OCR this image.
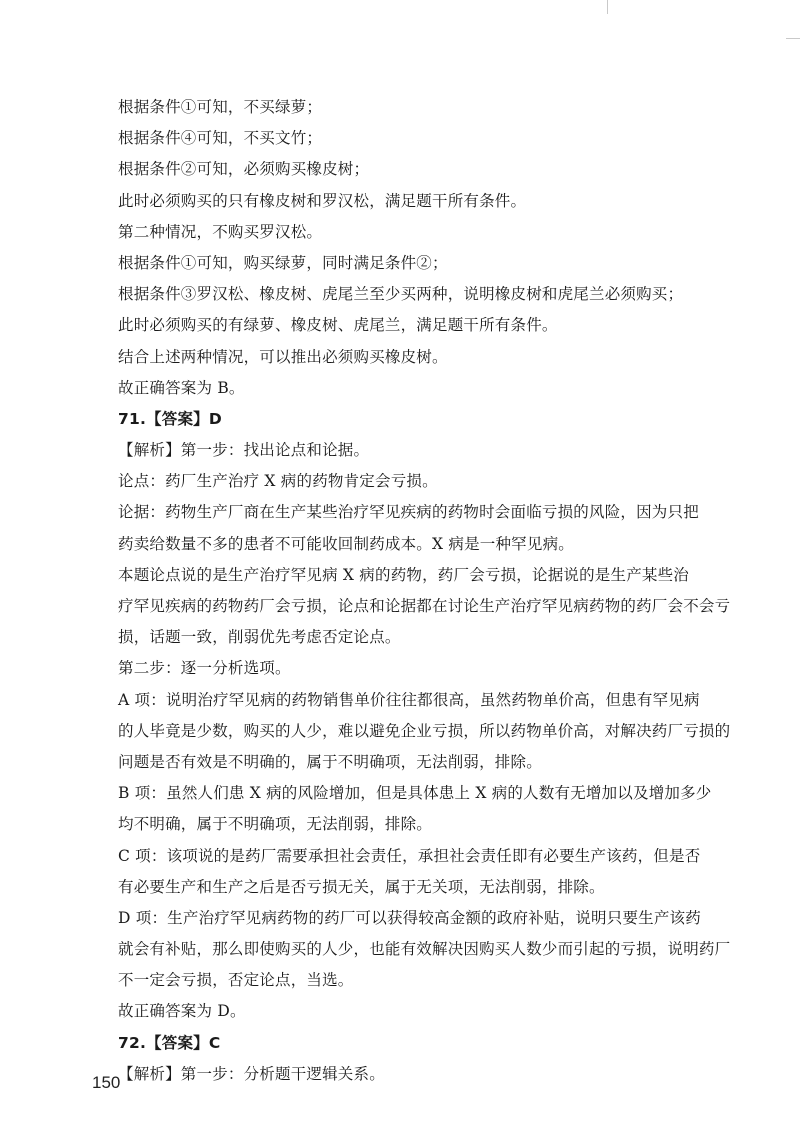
根据条件①可知，不买绿萝；
根据条件④可知，不买文竹；
根据条件②可知，必须购买橡皮树；
此时必须购买的只有橡皮树和罗汉松，满足题干所有条件。
第二种情况，不购买罗汉松。
根据条件①可知，购买绿萝，同时满足条件②；
根据条件③罗汉松、橡皮树、虎尾兰至少买两种，说明橡皮树和虎尾兰必须购买；
此时必须购买的有绿萝、橡皮树、虎尾兰，满足题干所有条件。
结合上述两种情况，可以推出必须购买橡皮树。
故正确答案为 B。
71.【答案】D
【解析】第一步：找出论点和论据。
论点：药厂生产治疗 X 病的药物肯定会亏损。
论据：药物生产厂商在生产某些治疗罕见疾病的药物时会面临亏损的风险，因为只把
药卖给数量不多的患者不可能收回制药成本。X 病是一种罕见病。
本题论点说的是生产治疗罕见病 X 病的药物，药厂会亏损，论据说的是生产某些治
疗罕见疾病的药物药厂会亏损，论点和论据都在讨论生产治疗罕见病药物的药厂会不会亏
损，话题一致，削弱优先考虑否定论点。
第二步：逐一分析选项。
A 项：说明治疗罕见病的药物销售单价往往都很高，虽然药物单价高，但患有罕见病
的人毕竟是少数，购买的人少，难以避免企业亏损，所以药物单价高，对解决药厂亏损的
问题是否有效是不明确的，属于不明确项，无法削弱，排除。
B 项：虽然人们患 X 病的风险增加，但是具体患上 X 病的人数有无增加以及增加多少
均不明确，属于不明确项，无法削弱，排除。
C 项：该项说的是药厂需要承担社会责任，承担社会责任即有必要生产该药，但是否
有必要生产和生产之后是否亏损无关，属于无关项，无法削弱，排除。
D 项：生产治疗罕见病药物的药厂可以获得较高金额的政府补贴，说明只要生产该药
就会有补贴，那么即使购买的人少，也能有效解决因购买人数少而引起的亏损，说明药厂
不一定会亏损，否定论点，当选。
故正确答案为 D。
72.【答案】C
【解析】第一步：分析题干逻辑关系。
150
